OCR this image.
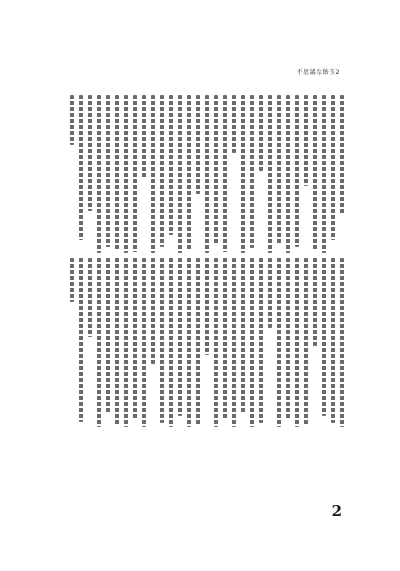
不思議な飴玉2
2
